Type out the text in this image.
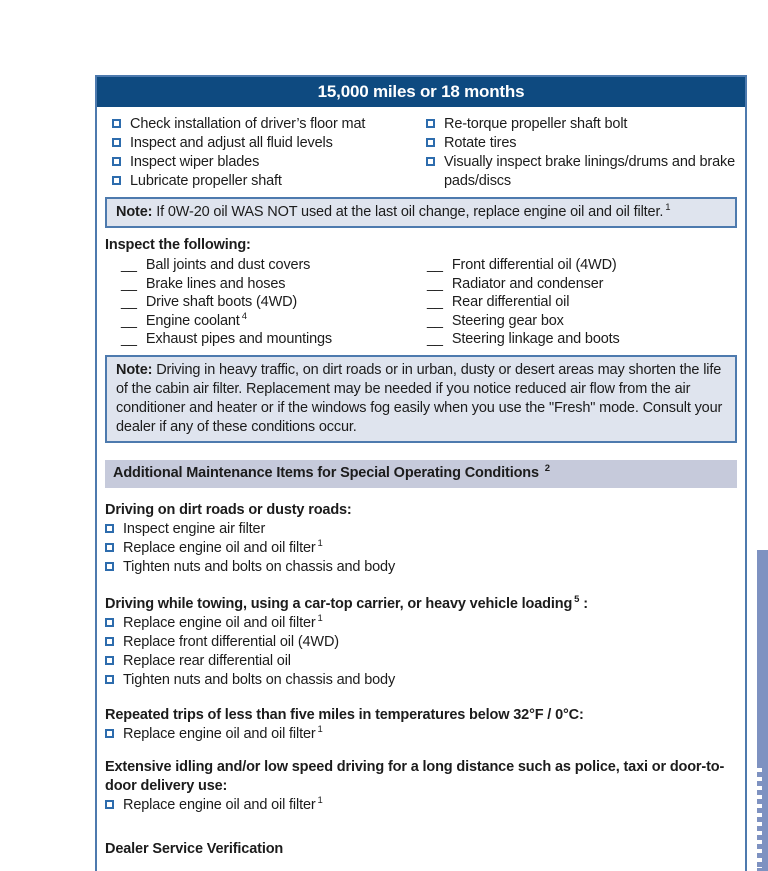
15,000 miles or 18 months
Check installation of driver’s floor mat
Inspect and adjust all fluid levels
Inspect wiper blades
Lubricate propeller shaft
Re-torque propeller shaft bolt
Rotate tires
Visually inspect brake linings/drums and brake pads/discs
Note: If 0W-20 oil WAS NOT used at the last oil change, replace engine oil and oil filter. $^1$
Inspect the following:
__ Ball joints and dust covers
__ Brake lines and hoses
__ Drive shaft boots (4WD)
__ Engine coolant $^4$
__ Exhaust pipes and mountings
__ Front differential oil (4WD)
__ Radiator and condenser
__ Rear differential oil
__ Steering gear box
__ Steering linkage and boots
Note: Driving in heavy traffic, on dirt roads or in urban, dusty or desert areas may shorten the life of the cabin air filter. Replacement may be needed if you notice reduced air flow from the air conditioner and heater or if the windows fog easily when you use the "Fresh" mode. Consult your dealer if any of these conditions occur.
Additional Maintenance Items for Special Operating Conditions $^2$
Driving on dirt roads or dusty roads:
Inspect engine air filter
Replace engine oil and oil filter $^1$
Tighten nuts and bolts on chassis and body
Driving while towing, using a car-top carrier, or heavy vehicle loading $^5$ :
Replace engine oil and oil filter $^1$
Replace front differential oil (4WD)
Replace rear differential oil
Tighten nuts and bolts on chassis and body
Repeated trips of less than five miles in temperatures below 32°F / 0°C:
Replace engine oil and oil filter $^1$
Extensive idling and/or low speed driving for a long distance such as police, taxi or door-to-door delivery use:
Replace engine oil and oil filter $^1$
Dealer Service Verification
